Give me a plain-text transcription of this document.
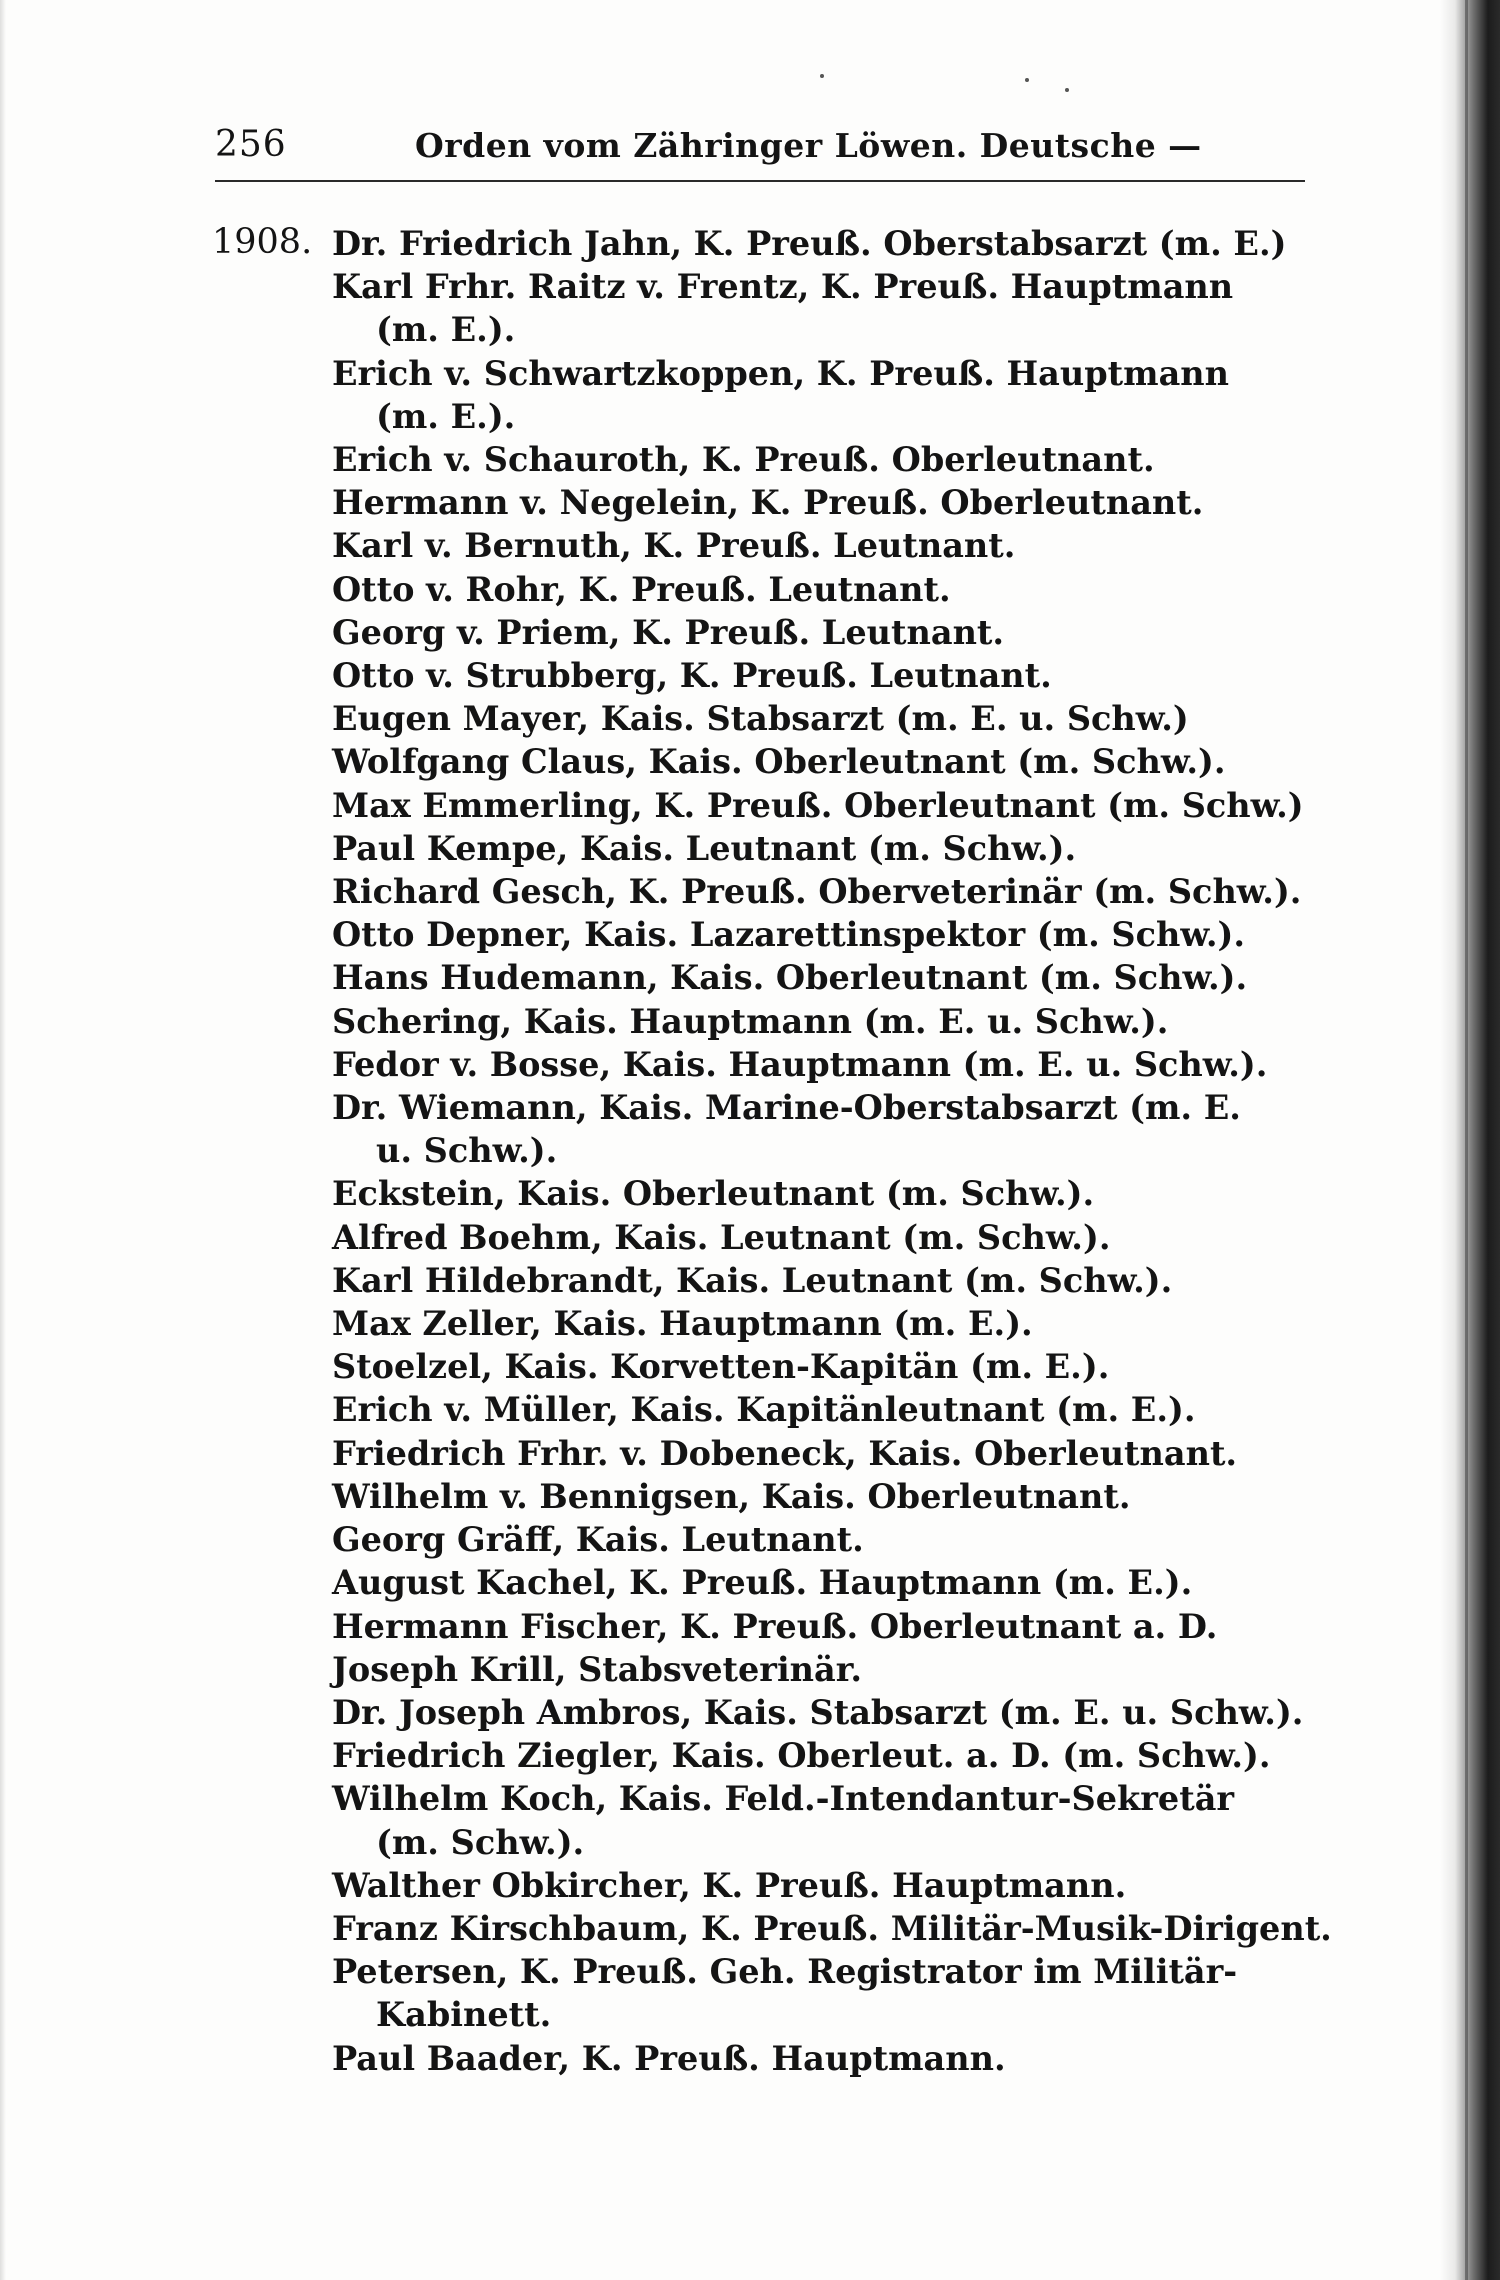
256	Orden vom Zähringer Löwen. Deutsche —
1908. Dr. Friedrich Jahn, K. Preuß. Oberstabsarzt (m. E.)
Karl Frhr. Raitz v. Frentz, K. Preuß. Hauptmann
(m. E.).
Erich v. Schwartzkoppen, K. Preuß. Hauptmann
(m. E.).
Erich v. Schauroth, K. Preuß. Oberleutnant.
Hermann v. Negelein, K. Preuß. Oberleutnant.
Karl v. Bernuth, K. Preuß. Leutnant.
Otto v. Rohr, K. Preuß. Leutnant.
Georg v. Priem, K. Preuß. Leutnant.
Otto v. Strubberg, K. Preuß. Leutnant.
Eugen Mayer, Kais. Stabsarzt (m. E. u. Schw.)
Wolfgang Claus, Kais. Oberleutnant (m. Schw.).
Max Emmerling, K. Preuß. Oberleutnant (m. Schw.)
Paul Kempe, Kais. Leutnant (m. Schw.).
Richard Gesch, K. Preuß. Oberveterinär (m. Schw.).
Otto Depner, Kais. Lazarettinspektor (m. Schw.).
Hans Hudemann, Kais. Oberleutnant (m. Schw.).
Schering, Kais. Hauptmann (m. E. u. Schw.).
Fedor v. Bosse, Kais. Hauptmann (m. E. u. Schw.).
Dr. Wiemann, Kais. Marine-Oberstabsarzt (m. E.
u. Schw.).
Eckstein, Kais. Oberleutnant (m. Schw.).
Alfred Boehm, Kais. Leutnant (m. Schw.).
Karl Hildebrandt, Kais. Leutnant (m. Schw.).
Max Zeller, Kais. Hauptmann (m. E.).
Stoelzel, Kais. Korvetten-Kapitän (m. E.).
Erich v. Müller, Kais. Kapitänleutnant (m. E.).
Friedrich Frhr. v. Dobeneck, Kais. Oberleutnant.
Wilhelm v. Bennigsen, Kais. Oberleutnant.
Georg Gräff, Kais. Leutnant.
August Kachel, K. Preuß. Hauptmann (m. E.).
Hermann Fischer, K. Preuß. Oberleutnant a. D.
Joseph Krill, Stabsveterinär.
Dr. Joseph Ambros, Kais. Stabsarzt (m. E. u. Schw.).
Friedrich Ziegler, Kais. Oberleut. a. D. (m. Schw.).
Wilhelm Koch, Kais. Feld.-Intendantur-Sekretär
(m. Schw.).
Walther Obkircher, K. Preuß. Hauptmann.
Franz Kirschbaum, K. Preuß. Militär-Musik-Dirigent.
Petersen, K. Preuß. Geh. Registrator im Militär-
Kabinett.
Paul Baader, K. Preuß. Hauptmann.
